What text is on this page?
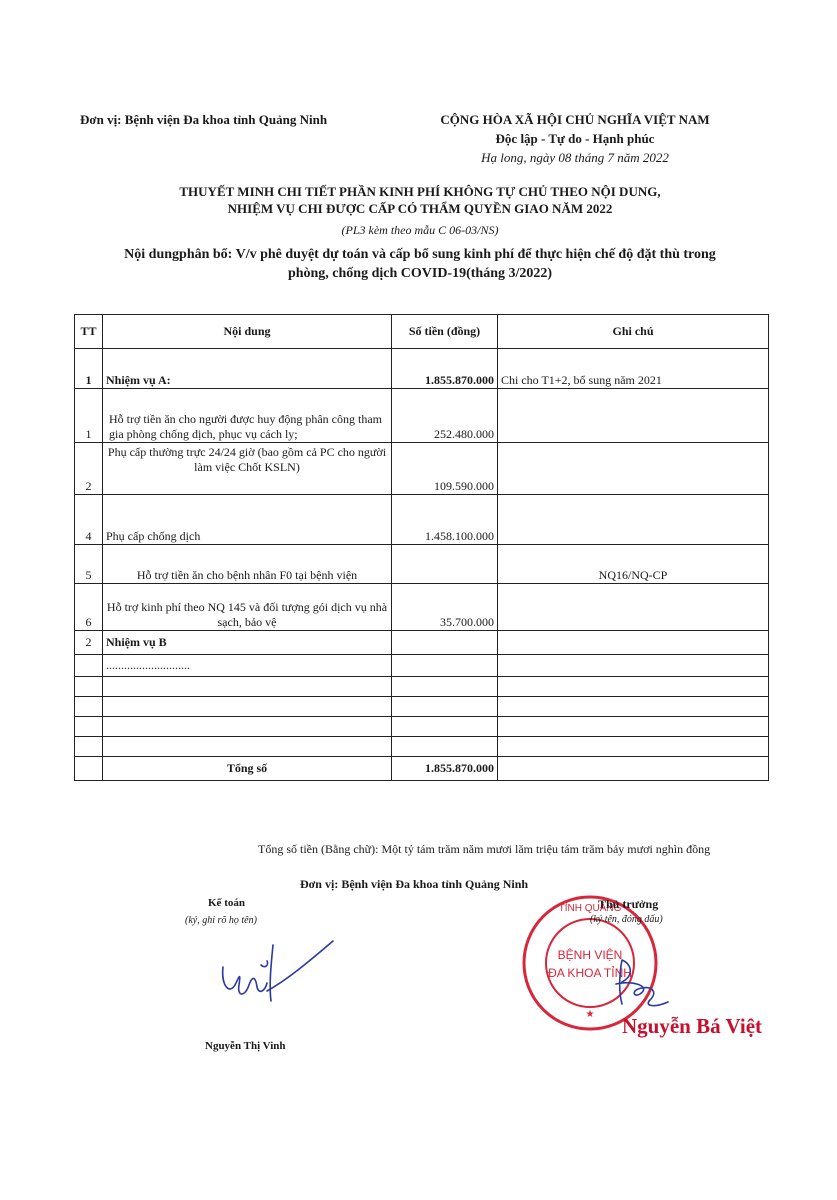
Đơn vị: Bệnh viện Đa khoa tỉnh Quảng Ninh	CỘNG HÒA XÃ HỘI CHỦ NGHĨA VIỆT NAM
Độc lập - Tự do - Hạnh phúc
Hạ long, ngày 08 tháng 7 năm 2022
THUYẾT MINH CHI TIẾT PHẦN KINH PHÍ KHÔNG TỰ CHỦ THEO NỘI DUNG,
NHIỆM VỤ CHI ĐƯỢC CẤP CÓ THẨM QUYỀN GIAO NĂM 2022
(PL3 kèm theo mẫu C 06-03/NS)
Nội dungphân bổ: V/v phê duyệt dự toán và cấp bổ sung kinh phí để thực hiện chế độ đặt thù trong
phòng, chống dịch COVID-19(tháng 3/2022)
TT	Nội dung	Số tiền (đồng)	Ghi chú
1	Nhiệm vụ A:	1.855.870.000	Chi cho T1+2, bổ sung năm 2021
1	Hỗ trợ tiền ăn cho người được huy động phân công tham gia phòng chống dịch, phục vụ cách ly;	252.480.000	
2	Phụ cấp thường trực 24/24 giờ (bao gồm cả PC cho người làm việc Chốt KSLN)	109.590.000	
4	Phụ cấp chống dịch	1.458.100.000	
5	Hỗ trợ tiền ăn cho bệnh nhân F0 tại bệnh viện		NQ16/NQ-CP
6	Hỗ trợ kinh phí theo NQ 145 và đối tượng gói dịch vụ nhà sạch, bảo vệ	35.700.000	
2	Nhiệm vụ B		
	............................		

	Tổng số	1.855.870.000	
Tổng số tiền (Bằng chữ): Một tỷ tám trăm năm mươi lăm triệu tám trăm bảy mươi nghìn đồng
Đơn vị: Bệnh viện Đa khoa tỉnh Quảng Ninh
Kế toán
(ký, ghi rõ họ tên)
Nguyễn Thị Vinh
TỈNH QUẢNG
BỆNH VIỆN
ĐA KHOA TỈNH
★
Thủ trưởng
(ký tên, đóng dấu)
Nguyễn Bá Việt
